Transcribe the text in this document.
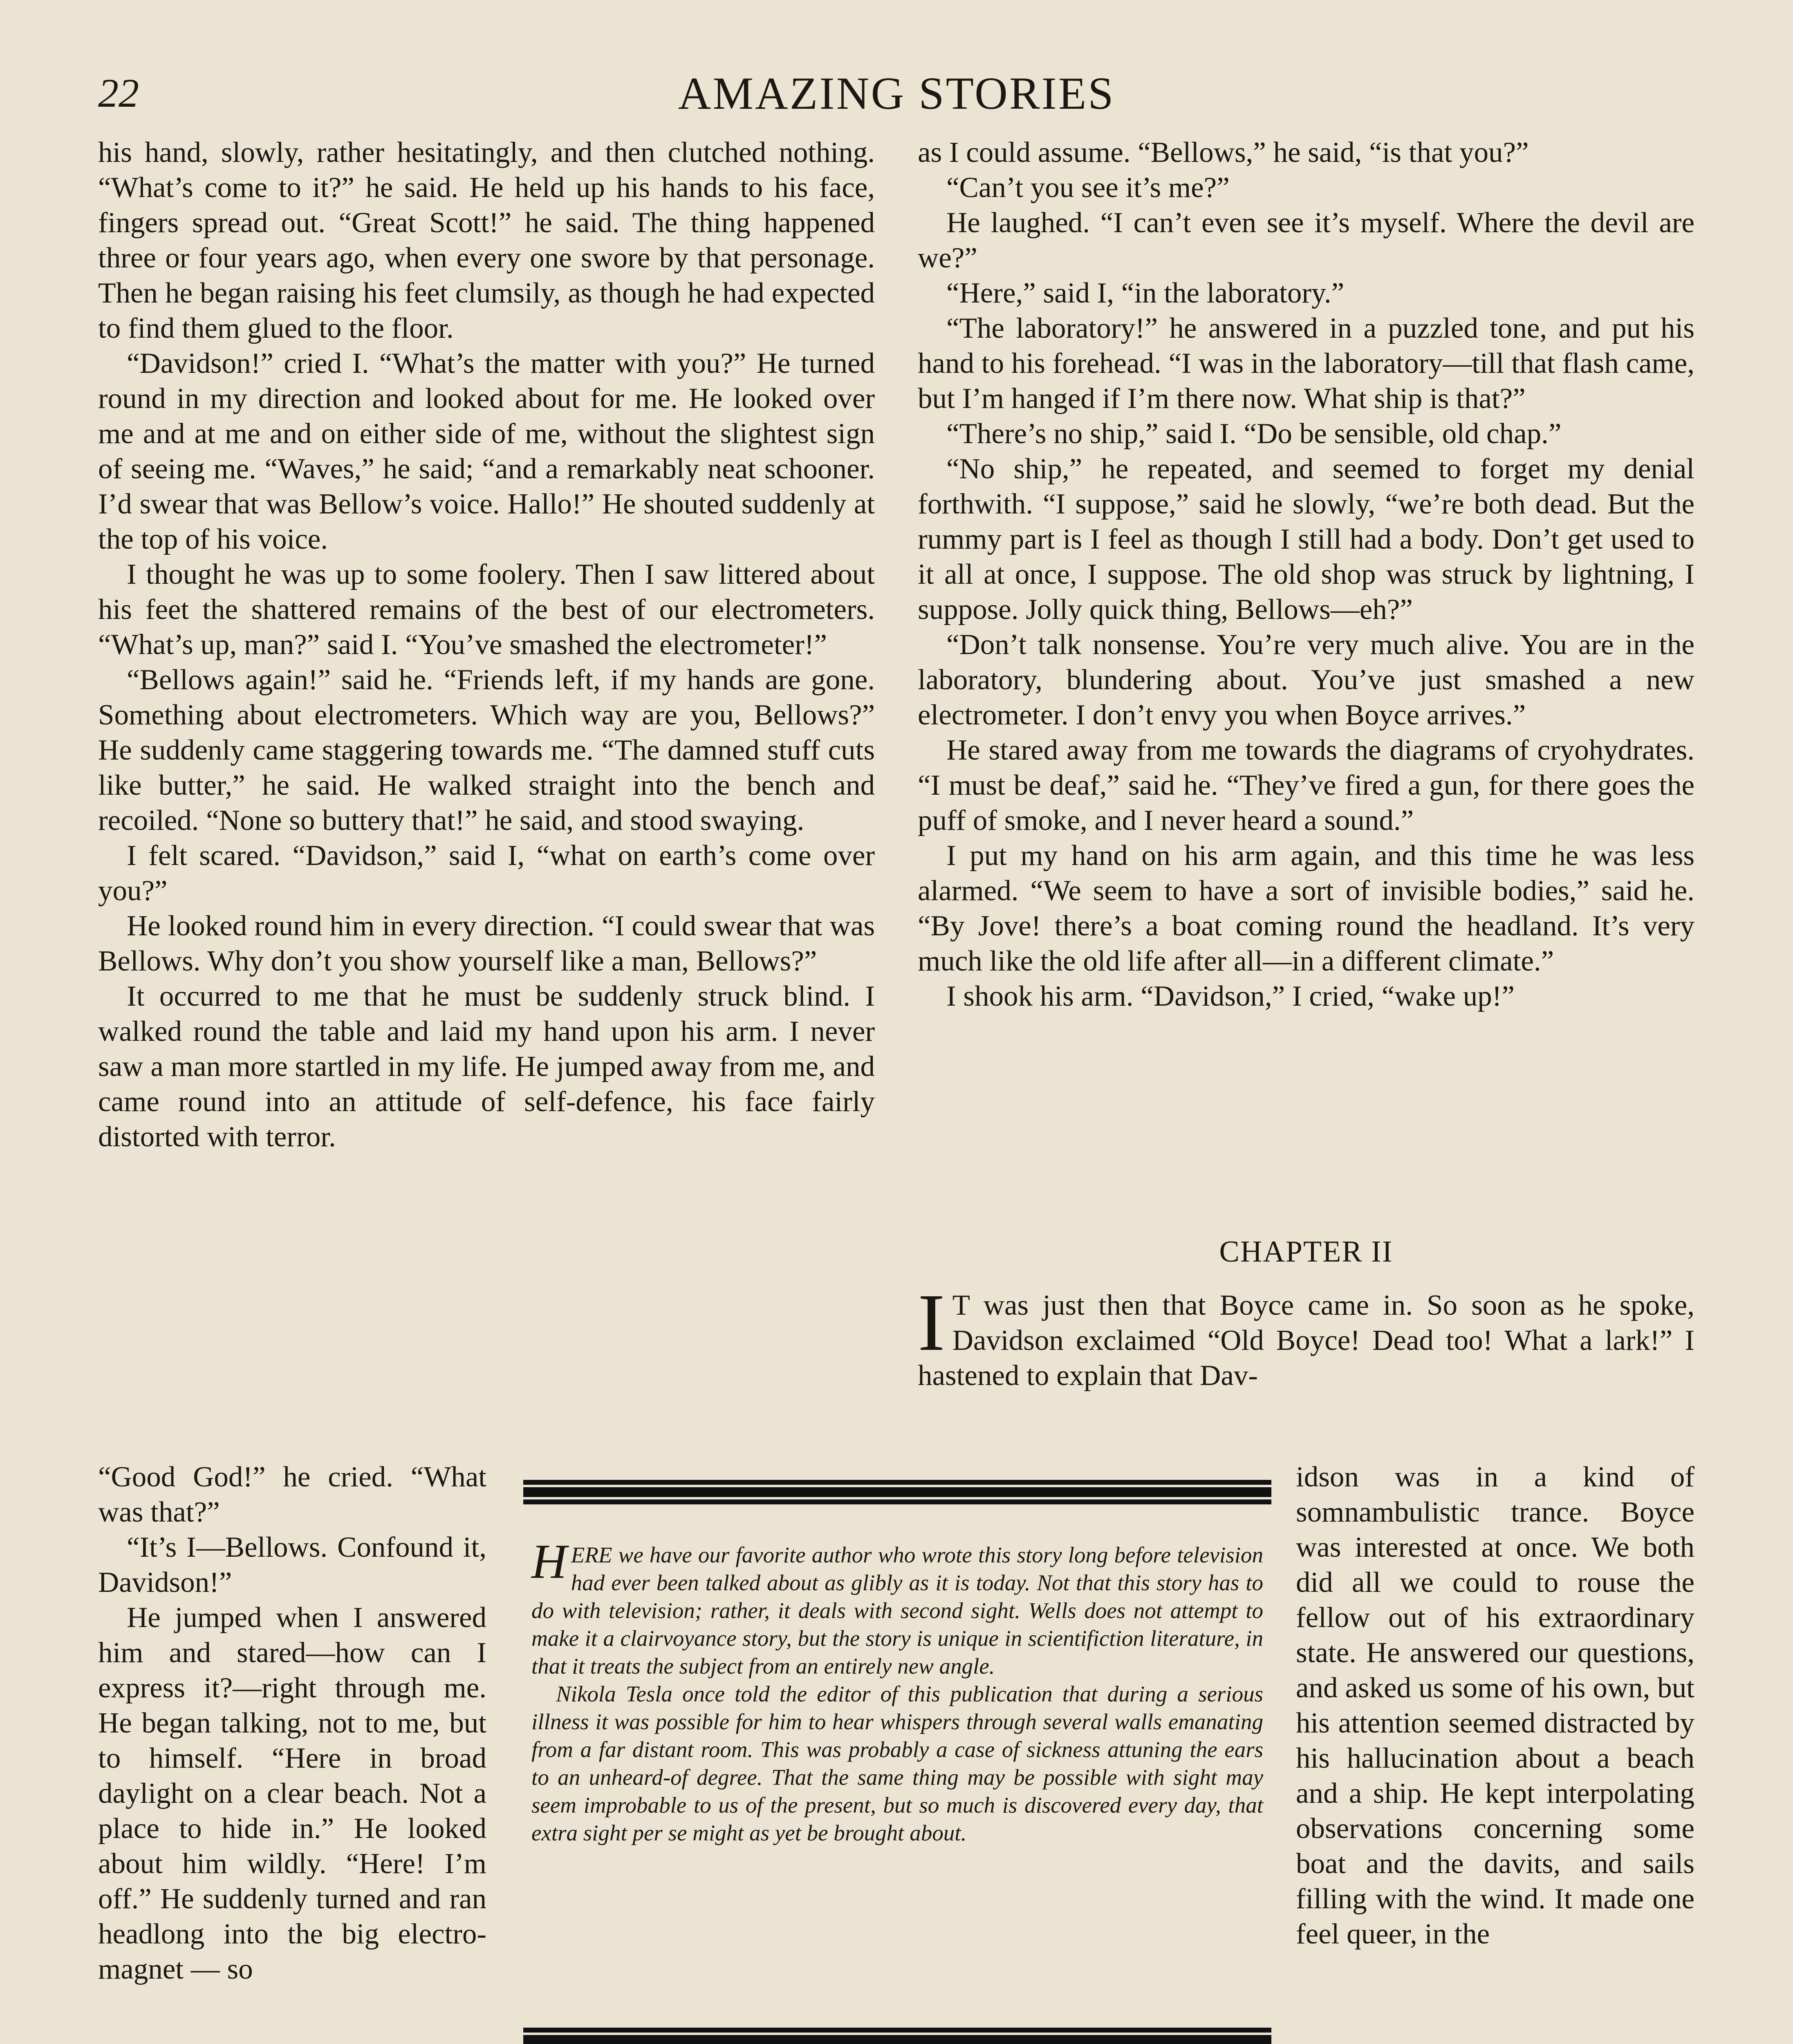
22	AMAZING STORIES

his hand, slowly, rather hesitatingly, and then clutched nothing. “What’s come to it?” he said. He held up his hands to his face, fingers spread out. “Great Scott!” he said. The thing happened three or four years ago, when every one swore by that personage. Then he began raising his feet clumsily, as though he had expected to find them glued to the floor.

“Davidson!” cried I. “What’s the matter with you?” He turned round in my direction and looked about for me. He looked over me and at me and on either side of me, without the slightest sign of seeing me. “Waves,” he said; “and a remarkably neat schooner. I’d swear that was Bellow’s voice. Hallo!” He shouted suddenly at the top of his voice.

I thought he was up to some foolery. Then I saw littered about his feet the shattered remains of the best of our electrometers. “What’s up, man?” said I. “You’ve smashed the electrometer!”

“Bellows again!” said he. “Friends left, if my hands are gone. Something about electrometers. Which way are you, Bellows?” He suddenly came staggering towards me. “The damned stuff cuts like butter,” he said. He walked straight into the bench and recoiled. “None so buttery that!” he said, and stood swaying.

I felt scared. “Davidson,” said I, “what on earth’s come over you?”

He looked round him in every direction. “I could swear that was Bellows. Why don’t you show yourself like a man, Bellows?”

It occurred to me that he must be suddenly struck blind. I walked round the table and laid my hand upon his arm. I never saw a man more startled in my life. He jumped away from me, and came round into an attitude of self-defence, his face fairly distorted with terror.

“Good God!” he cried. “What was that?”

“It’s I—Bellows. Confound it, Davidson!”

He jumped when I answered him and stared—how can I express it?—right through me. He began talking, not to me, but to himself. “Here in broad daylight on a clear beach. Not a place to hide in.” He looked about him wildly. “Here! I’m off.” He suddenly turned and ran headlong into the big electro-magnet — so

as I could assume. “Bellows,” he said, “is that you?”

“Can’t you see it’s me?”

He laughed. “I can’t even see it’s myself. Where the devil are we?”

“Here,” said I, “in the laboratory.”

“The laboratory!” he answered in a puzzled tone, and put his hand to his forehead. “I was in the laboratory—till that flash came, but I’m hanged if I’m there now. What ship is that?”

“There’s no ship,” said I. “Do be sensible, old chap.”

“No ship,” he repeated, and seemed to forget my denial forthwith. “I suppose,” said he slowly, “we’re both dead. But the rummy part is I feel as though I still had a body. Don’t get used to it all at once, I suppose. The old shop was struck by lightning, I suppose. Jolly quick thing, Bellows—eh?”

“Don’t talk nonsense. You’re very much alive. You are in the laboratory, blundering about. You’ve just smashed a new electrometer. I don’t envy you when Boyce arrives.”

He stared away from me towards the diagrams of cryohydrates. “I must be deaf,” said he. “They’ve fired a gun, for there goes the puff of smoke, and I never heard a sound.”

I put my hand on his arm again, and this time he was less alarmed. “We seem to have a sort of invisible bodies,” said he. “By Jove! there’s a boat coming round the headland. It’s very much like the old life after all—in a different climate.”

I shook his arm. “Davidson,” I cried, “wake up!”

CHAPTER II
I T was just then that Boyce came in. So soon as he spoke, Davidson exclaimed “Old Boyce! Dead too! What a lark!” I hastened to explain that Dav-

idson was in a kind of somnambulistic trance. Boyce was interested at once. We both did all we could to rouse the fellow out of his extraordinary state. He answered our questions, and asked us some of his own, but his attention seemed distracted by his hallucination about a beach and a ship. He kept interpolating observations concerning some boat and the davits, and sails filling with the wind. It made one feel queer, in the

HERE we have our favorite author who wrote this story long before television had ever been talked about as glibly as it is today. Not that this story has to do with television; rather, it deals with second sight. Wells does not attempt to make it a clairvoyance story, but the story is unique in scientifiction literature, in that it treats the subject from an entirely new angle.

Nikola Tesla once told the editor of this publication that during a serious illness it was possible for him to hear whispers through several walls emanating from a far distant room. This was probably a case of sickness attuning the ears to an unheard-of degree. That the same thing may be possible with sight may seem improbable to us of the present, but so much is discovered every day, that extra sight per se might as yet be brought about.
